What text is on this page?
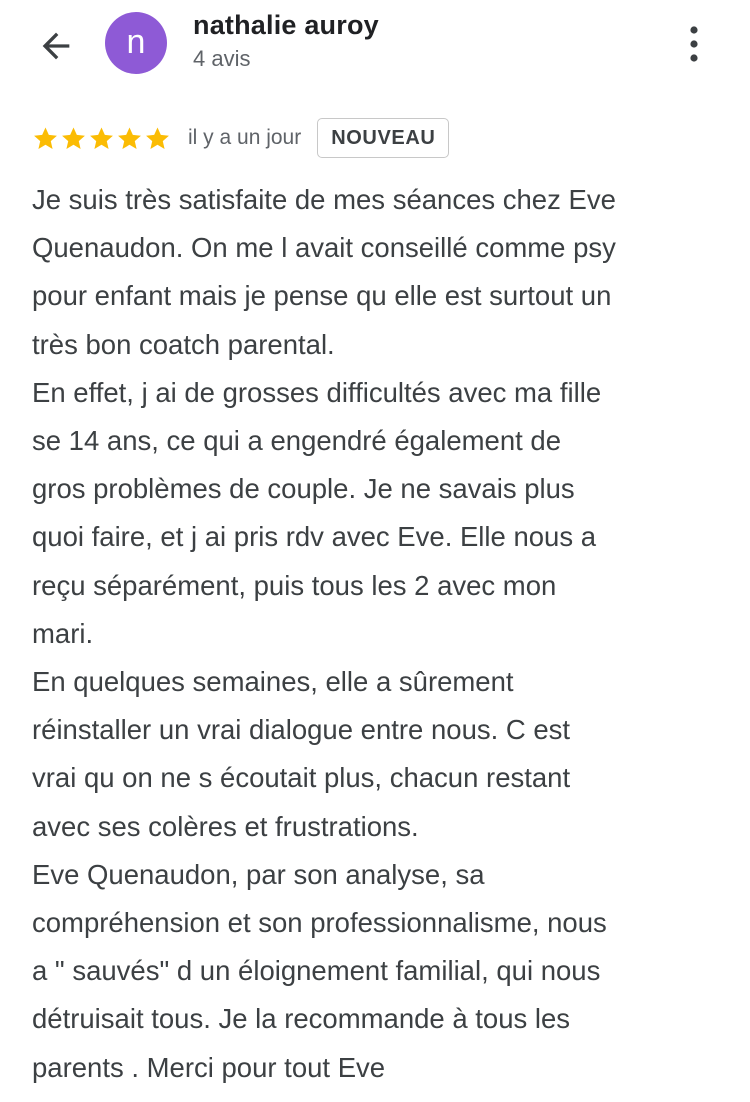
n	nathalie auroy
4 avis
il y a un jour	NOUVEAU

Je suis très satisfaite de mes séances chez Eve

Quenaudon. On me l avait conseillé comme psy

pour enfant mais je pense qu elle est surtout un

très bon coatch parental.

En effet, j ai de grosses difficultés avec ma fille

se 14 ans, ce qui a engendré également de

gros problèmes de couple. Je ne savais plus

quoi faire, et j ai pris rdv avec Eve. Elle nous a

reçu séparément, puis tous les 2 avec mon

mari.

En quelques semaines, elle a sûrement

réinstaller un vrai dialogue entre nous. C est

vrai qu on ne s écoutait plus, chacun restant

avec ses colères et frustrations.

Eve Quenaudon, par son analyse, sa

compréhension et son professionnalisme, nous

a " sauvés" d un éloignement familial, qui nous

détruisait tous. Je la recommande à tous les

parents . Merci pour tout Eve
